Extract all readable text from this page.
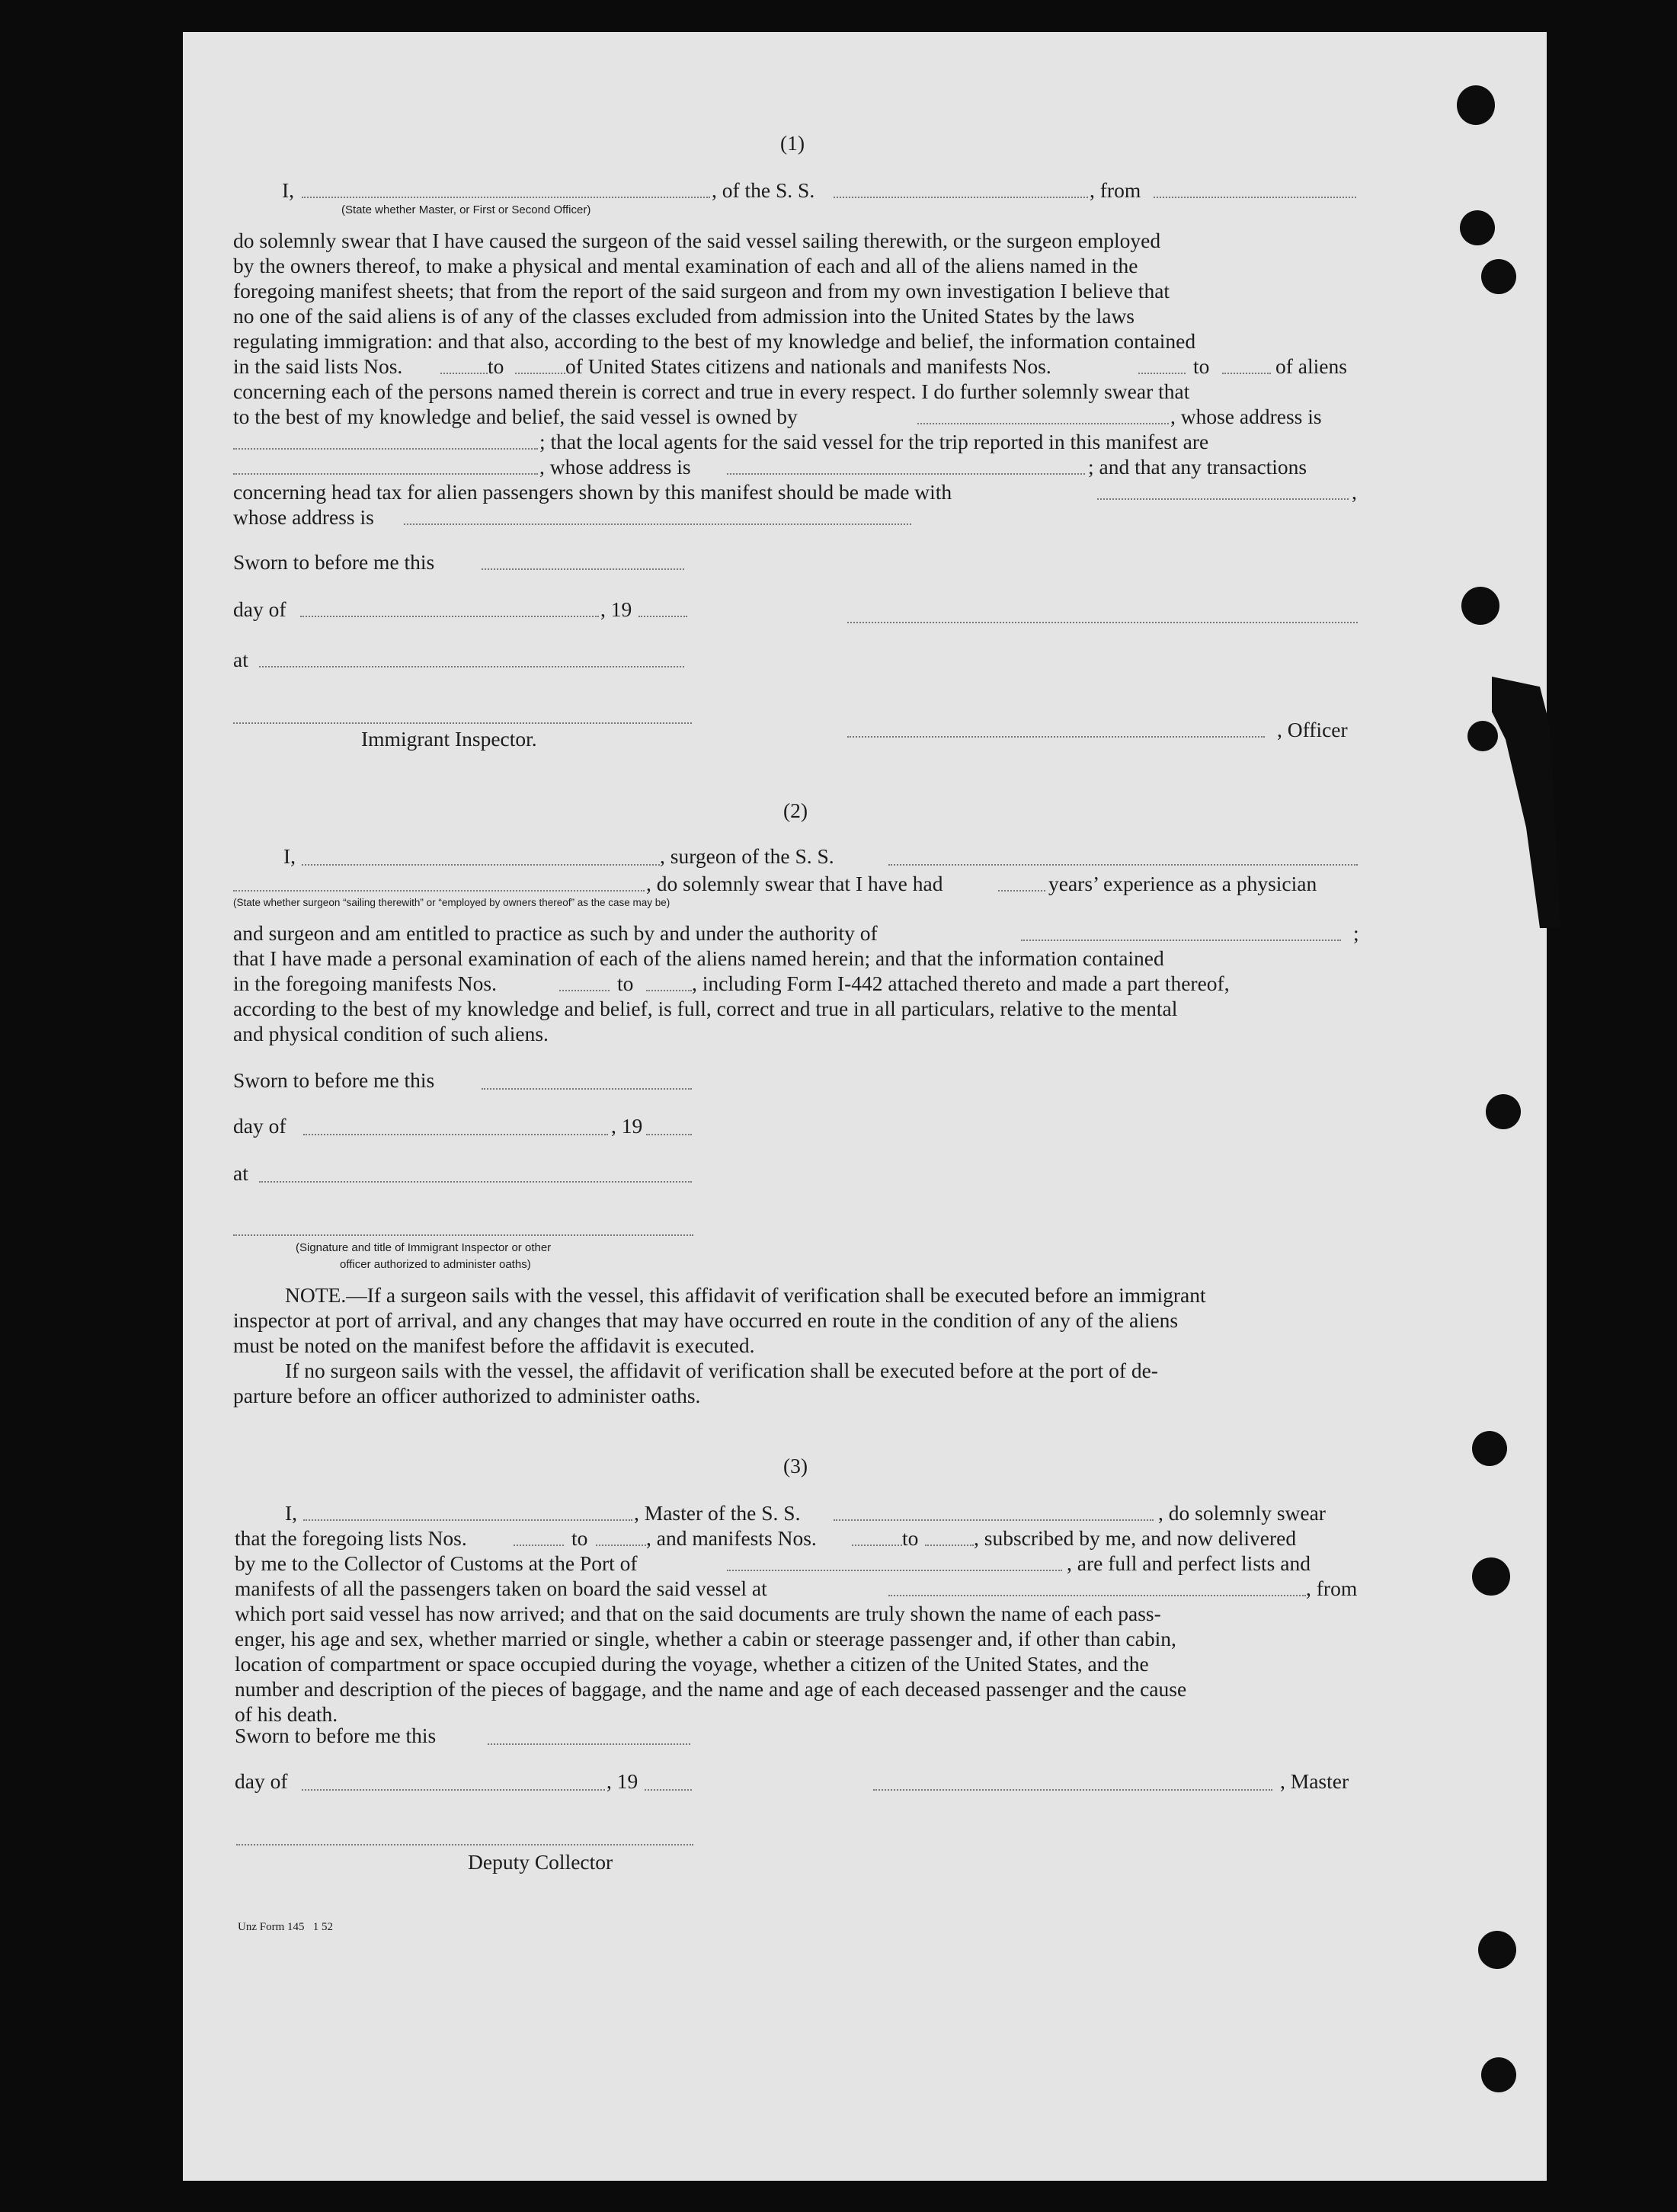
(1)
I,	, of the S. S.	, from
(State whether Master, or First or Second Officer)
do solemnly swear that I have caused the surgeon of the said vessel sailing therewith, or the surgeon employed
by the owners thereof, to make a physical and mental examination of each and all of the aliens named in the
foregoing manifest sheets; that from the report of the said surgeon and from my own investigation I believe that
no one of the said aliens is of any of the classes excluded from admission into the United States by the laws
regulating immigration: and that also, according to the best of my knowledge and belief, the information contained
in the said lists Nos.	to	of United States citizens and nationals and manifests Nos.	to	of aliens
concerning each of the persons named therein is correct and true in every respect. I do further solemnly swear that
to the best of my knowledge and belief, the said vessel is owned by	, whose address is
; that the local agents for the said vessel for the trip reported in this manifest are
, whose address is	; and that any transactions
concerning head tax for alien passengers shown by this manifest should be made with	,
whose address is
Sworn to before me this
day of	, 19
at
Immigrant Inspector.	, Officer
(2)
I,	, surgeon of the S. S.
, do solemnly swear that I have had	years’ experience as a physician
(State whether surgeon “sailing therewith” or “employed by owners thereof” as the case may be)
and surgeon and am entitled to practice as such by and under the authority of	;
that I have made a personal examination of each of the aliens named herein; and that the information contained
in the foregoing manifests Nos.	to	, including Form I-442 attached thereto and made a part thereof,
according to the best of my knowledge and belief, is full, correct and true in all particulars, relative to the mental
and physical condition of such aliens.
Sworn to before me this
day of	, 19
at
(Signature and title of Immigrant Inspector or other
officer authorized to administer oaths)
NOTE.—If a surgeon sails with the vessel, this affidavit of verification shall be executed before an immigrant
inspector at port of arrival, and any changes that may have occurred en route in the condition of any of the aliens
must be noted on the manifest before the affidavit is executed.
If no surgeon sails with the vessel, the affidavit of verification shall be executed before at the port of de-
parture before an officer authorized to administer oaths.
(3)
I,	, Master of the S. S.	, do solemnly swear
that the foregoing lists Nos.	to	, and manifests Nos.	to	, subscribed by me, and now delivered
by me to the Collector of Customs at the Port of	, are full and perfect lists and
manifests of all the passengers taken on board the said vessel at	, from
which port said vessel has now arrived; and that on the said documents are truly shown the name of each pass-
enger, his age and sex, whether married or single, whether a cabin or steerage passenger and, if other than cabin,
location of compartment or space occupied during the voyage, whether a citizen of the United States, and the
number and description of the pieces of baggage, and the name and age of each deceased passenger and the cause
of his death.
Sworn to before me this
day of	, 19	, Master
Deputy Collector
Unz Form 145   1 52
